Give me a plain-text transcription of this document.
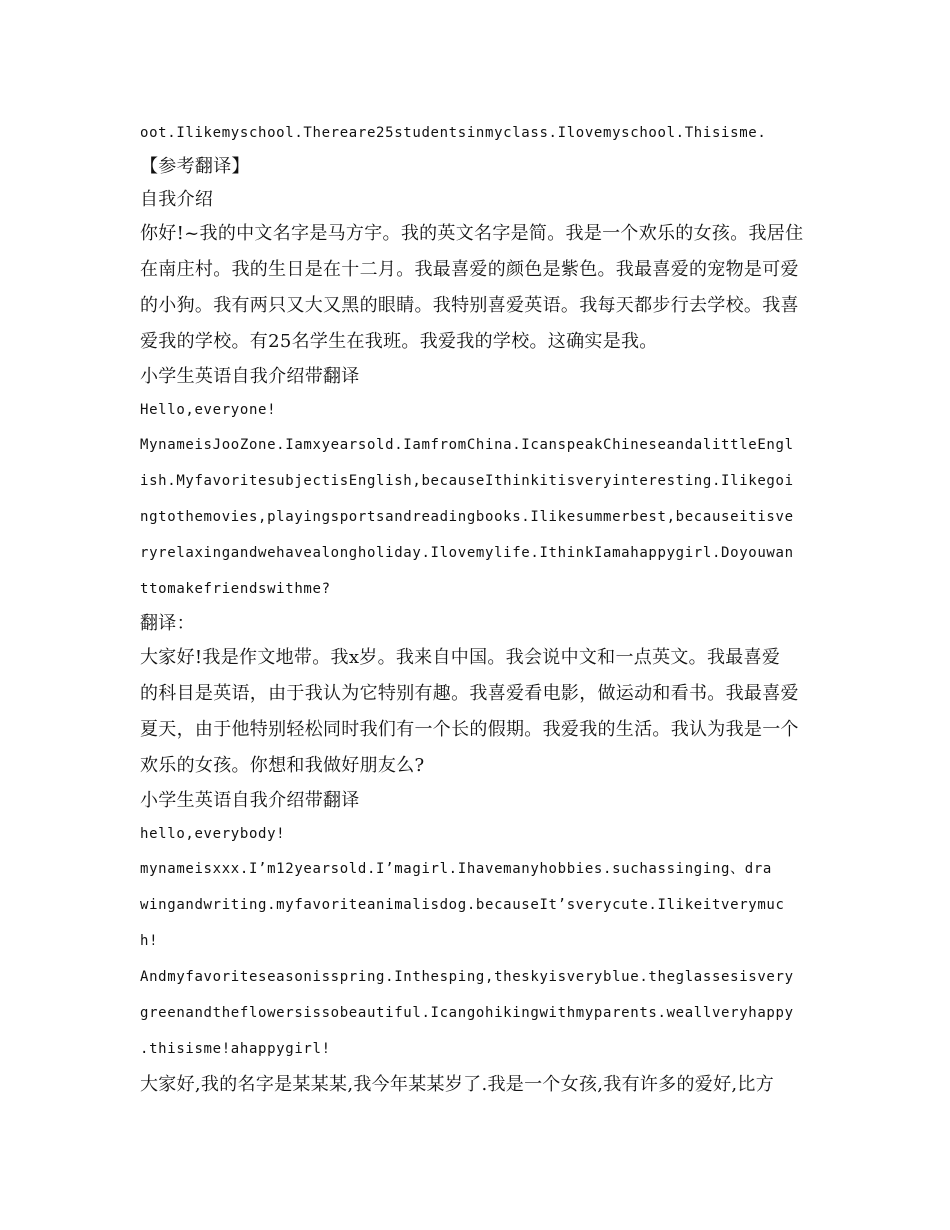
oot.Ilikemyschool.Thereare25studentsinmyclass.Ilovemyschool.Thisisme.

【参考翻译】

自我介绍

你好!~我的中文名字是马方宇。我的英文名字是简。我是一个欢乐的女孩。我居住

在南庄村。我的生日是在十二月。我最喜爱的颜色是紫色。我最喜爱的宠物是可爱

的小狗。我有两只又大又黑的眼睛。我特别喜爱英语。我每天都步行去学校。我喜

爱我的学校。有25名学生在我班。我爱我的学校。这确实是我。

小学生英语自我介绍带翻译

Hello,everyone!

MynameisJooZone.Iamxyearsold.IamfromChina.IcanspeakChineseandalittleEngl

ish.MyfavoritesubjectisEnglish,becauseIthinkitisveryinteresting.Ilikegoi

ngtothemovies,playingsportsandreadingbooks.Ilikesummerbest,becauseitisve

ryrelaxingandwehavealongholiday.Ilovemylife.IthinkIamahappygirl.Doyouwan

ttomakefriendswithme?

翻译：

大家好!我是作文地带。我x岁。我来自中国。我会说中文和一点英文。我最喜爱

的科目是英语，由于我认为它特别有趣。我喜爱看电影，做运动和看书。我最喜爱

夏天，由于他特别轻松同时我们有一个长的假期。我爱我的生活。我认为我是一个

欢乐的女孩。你想和我做好朋友么?

小学生英语自我介绍带翻译

hello,everybody!

mynameisxxx.I’m12yearsold.I’magirl.Ihavemanyhobbies.suchassinging、dra

wingandwriting.myfavoriteanimalisdog.becauseIt’sverycute.Ilikeitverymuc

h!

Andmyfavoriteseasonisspring.Inthesping,theskyisveryblue.theglassesisvery

greenandtheflowersissobeautiful.Icangohikingwithmyparents.weallveryhappy

.thisisme!ahappygirl!

大家好,我的名字是某某某,我今年某某岁了.我是一个女孩,我有许多的爱好,比方
